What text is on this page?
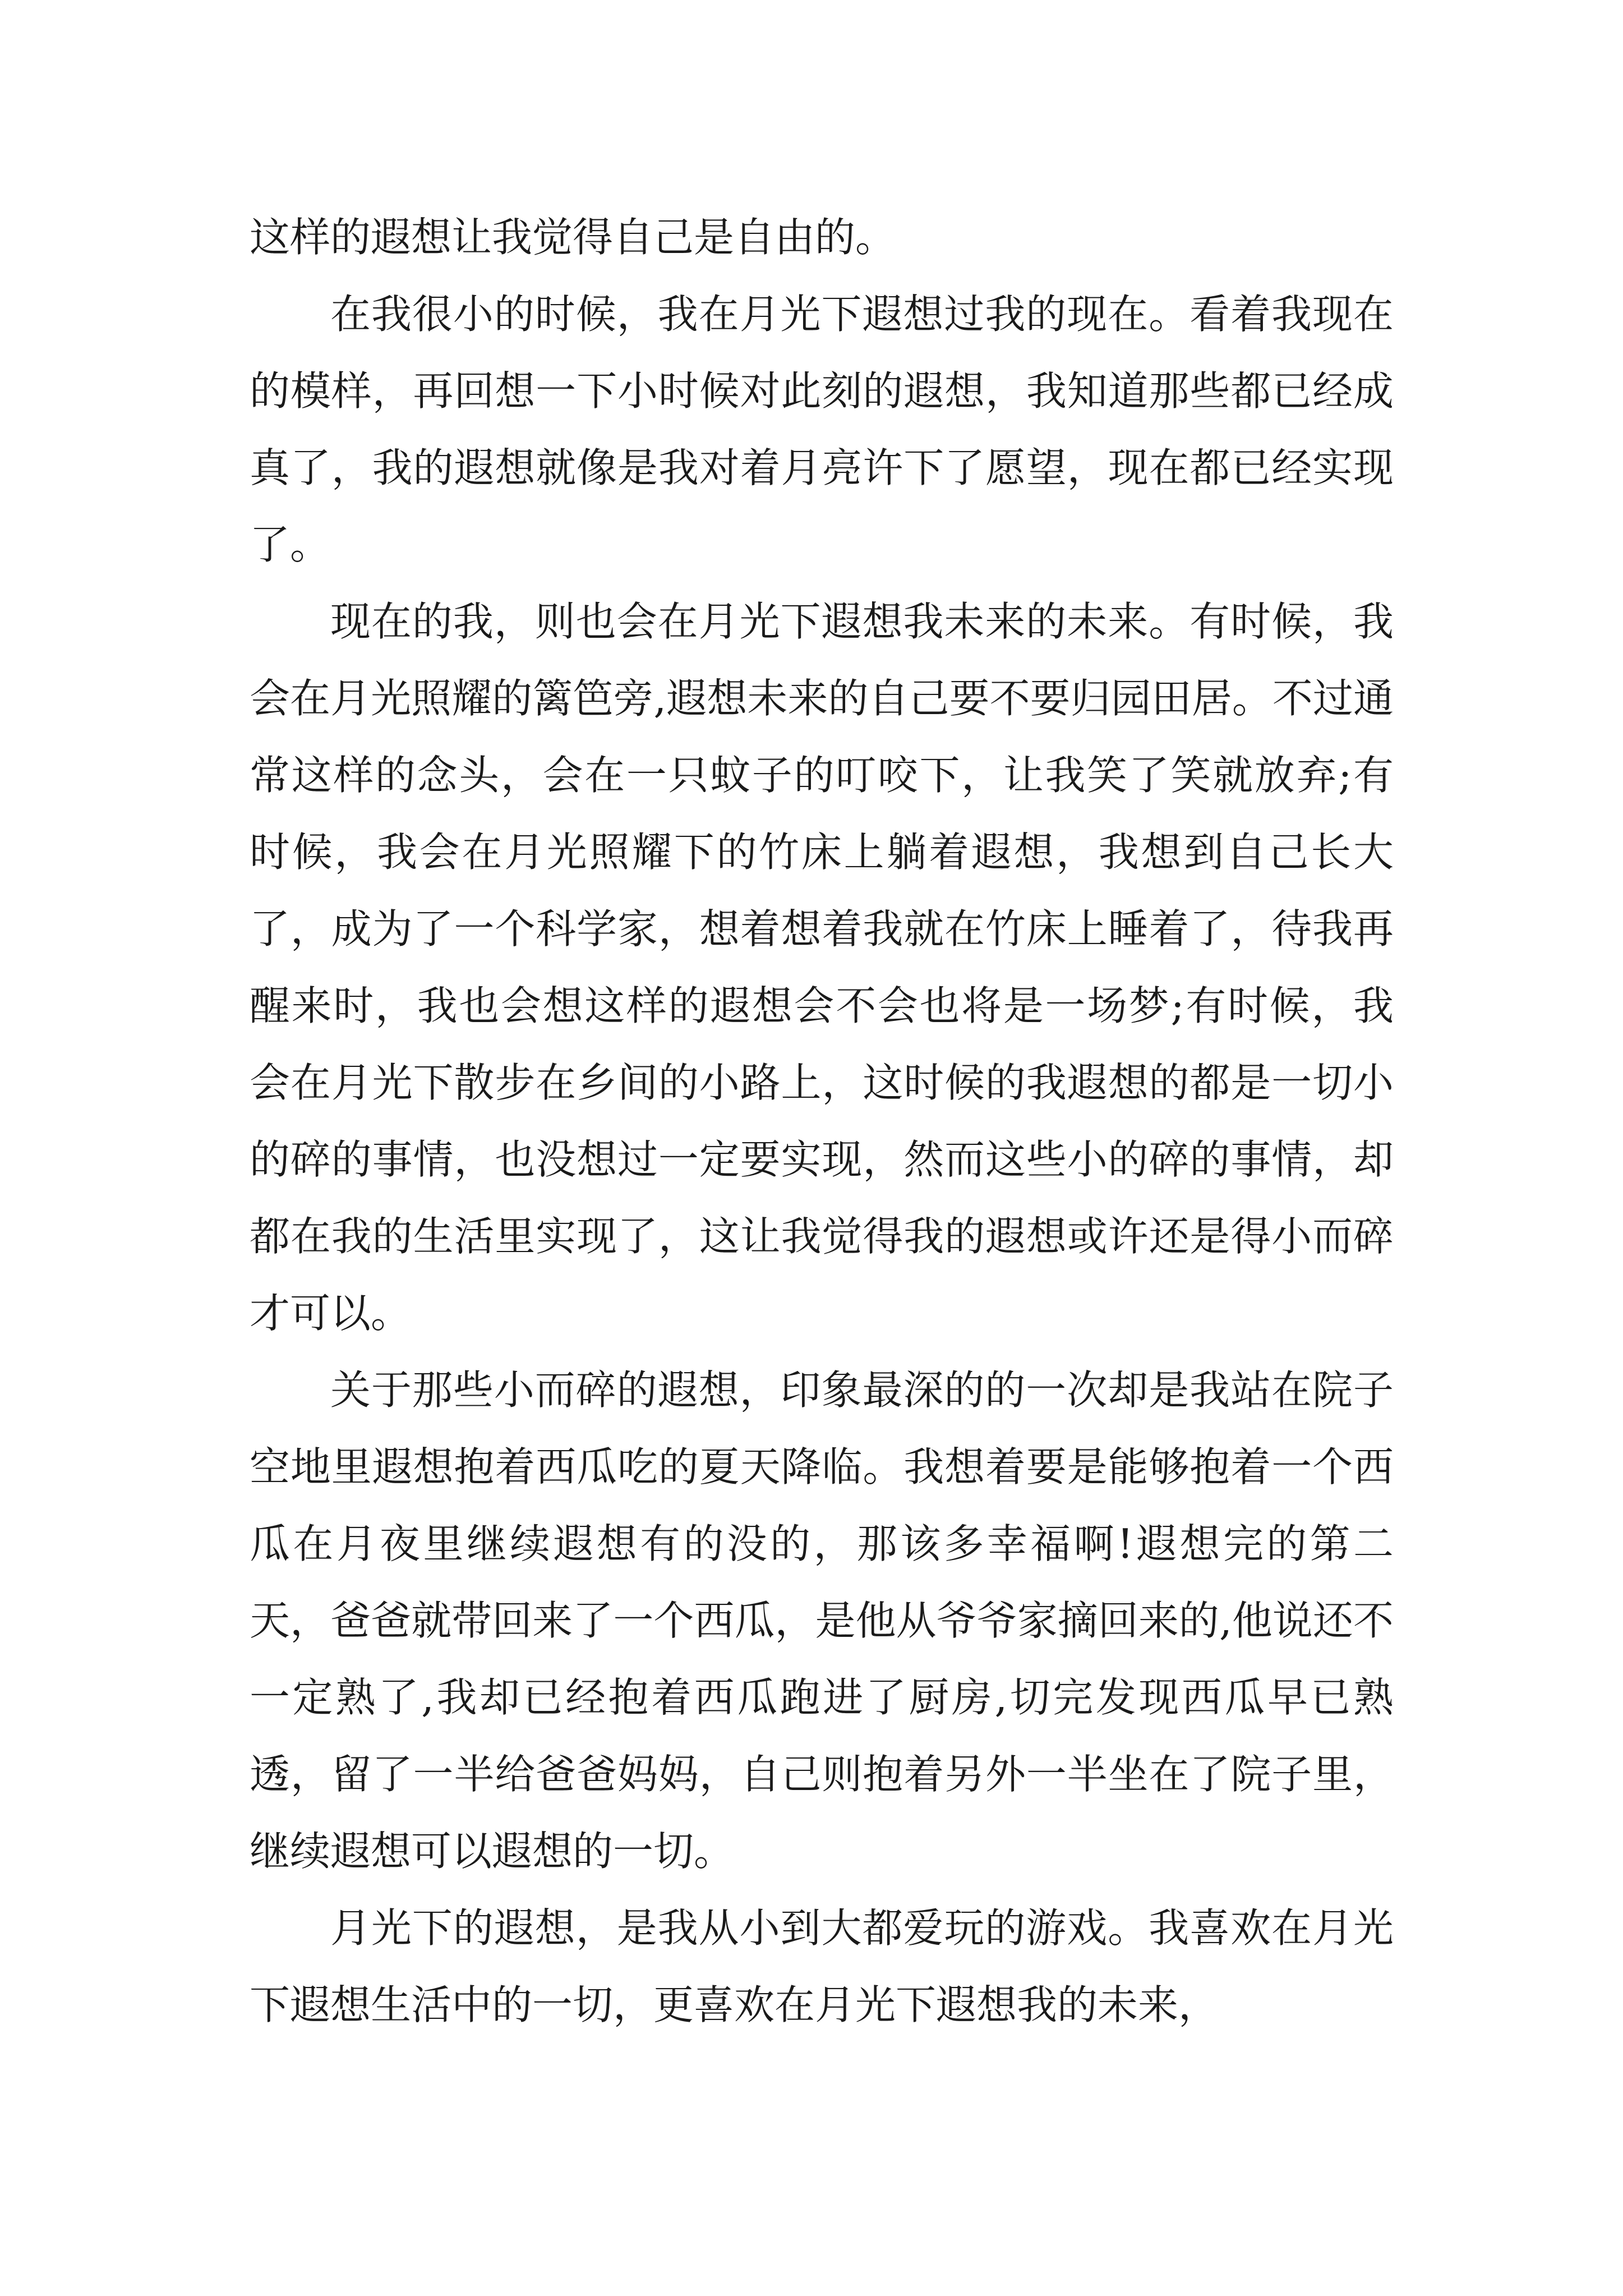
这样的遐想让我觉得自己是自由的。

在我很小的时候，我在月光下遐想过我的现在。看着我现在的模样，再回想一下小时候对此刻的遐想，我知道那些都已经成真了，我的遐想就像是我对着月亮许下了愿望，现在都已经实现了。

现在的我，则也会在月光下遐想我未来的未来。有时候，我会在月光照耀的篱笆旁,遐想未来的自己要不要归园田居。不过通常这样的念头，会在一只蚊子的叮咬下，让我笑了笑就放弃;有时候，我会在月光照耀下的竹床上躺着遐想，我想到自己长大了，成为了一个科学家，想着想着我就在竹床上睡着了，待我再醒来时，我也会想这样的遐想会不会也将是一场梦;有时候，我会在月光下散步在乡间的小路上，这时候的我遐想的都是一切小的碎的事情，也没想过一定要实现，然而这些小的碎的事情，却都在我的生活里实现了，这让我觉得我的遐想或许还是得小而碎才可以。

关于那些小而碎的遐想，印象最深的的一次却是我站在院子空地里遐想抱着西瓜吃的夏天降临。我想着要是能够抱着一个西瓜在月夜里继续遐想有的没的，那该多幸福啊!遐想完的第二天，爸爸就带回来了一个西瓜，是他从爷爷家摘回来的,他说还不一定熟了,我却已经抱着西瓜跑进了厨房,切完发现西瓜早已熟透，留了一半给爸爸妈妈，自己则抱着另外一半坐在了院子里，继续遐想可以遐想的一切。

月光下的遐想，是我从小到大都爱玩的游戏。我喜欢在月光下遐想生活中的一切，更喜欢在月光下遐想我的未来，
